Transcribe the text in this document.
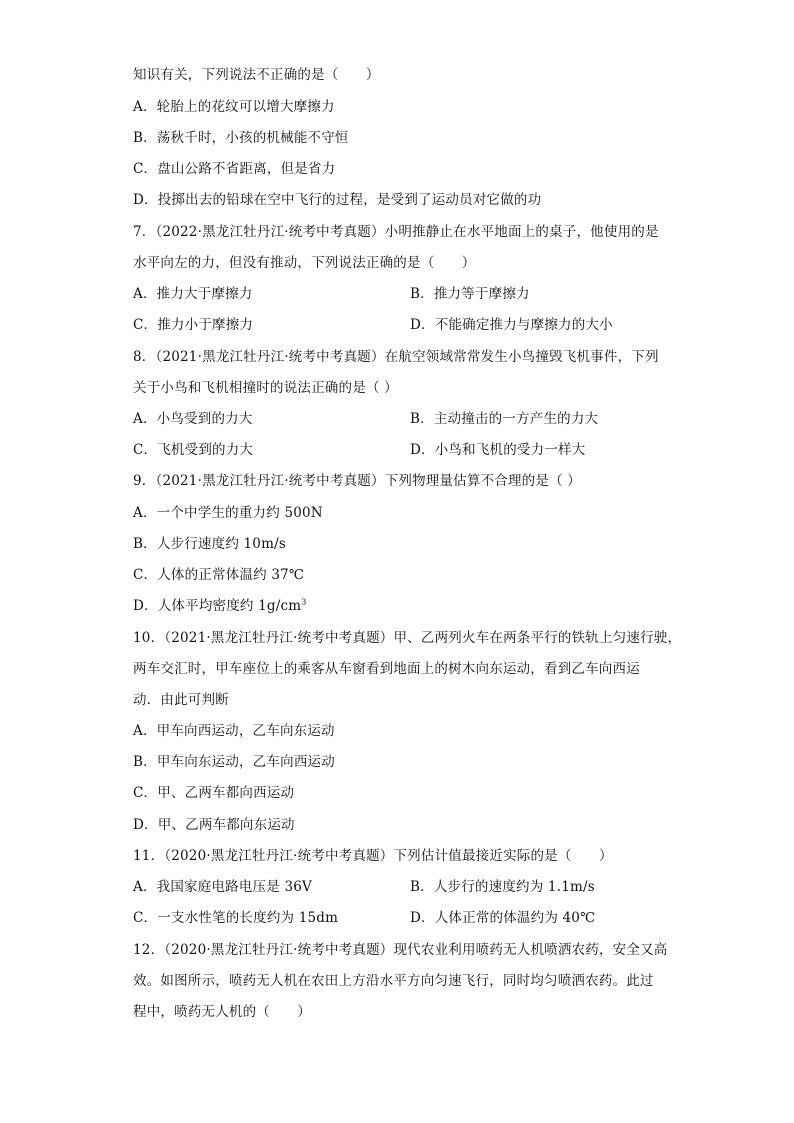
知识有关，下列说法不正确的是（　　）
A．轮胎上的花纹可以增大摩擦力
B．荡秋千时，小孩的机械能不守恒
C．盘山公路不省距离，但是省力
D．投掷出去的铅球在空中飞行的过程，是受到了运动员对它做的功
7．（2022·黑龙江牡丹江·统考中考真题）小明推静止在水平地面上的桌子，他使用的是
水平向左的力，但没有推动，下列说法正确的是（　　）
A．推力大于摩擦力	B．推力等于摩擦力
C．推力小于摩擦力	D．不能确定推力与摩擦力的大小
8．（2021·黑龙江牡丹江·统考中考真题）在航空领域常常发生小鸟撞毁飞机事件，下列
关于小鸟和飞机相撞时的说法正确的是（ ）
A．小鸟受到的力大	B．主动撞击的一方产生的力大
C．飞机受到的力大	D．小鸟和飞机的受力一样大
9．（2021·黑龙江牡丹江·统考中考真题）下列物理量估算不合理的是（ ）
A．一个中学生的重力约 500N
B．人步行速度约 10m/s
C．人体的正常体温约 37℃
D．人体平均密度约 $1g/cm^3$
10．（2021·黑龙江牡丹江·统考中考真题）甲、乙两列火车在两条平行的铁轨上匀速行驶，
两车交汇时，甲车座位上的乘客从车窗看到地面上的树木向东运动，看到乙车向西运
动．由此可判断
A．甲车向西运动，乙车向东运动
B．甲车向东运动，乙车向西运动
C．甲、乙两车都向西运动
D．甲、乙两车都向东运动
11．（2020·黑龙江牡丹江·统考中考真题）下列估计值最接近实际的是（　　）
A．我国家庭电路电压是 36V	B．人步行的速度约为 1.1m/s
C．一支水性笔的长度约为 15dm	D．人体正常的体温约为 40℃
12．（2020·黑龙江牡丹江·统考中考真题）现代农业利用喷药无人机喷洒农药，安全又高
效。如图所示，喷药无人机在农田上方沿水平方向匀速飞行，同时均匀喷洒农药。此过
程中，喷药无人机的（　　）
